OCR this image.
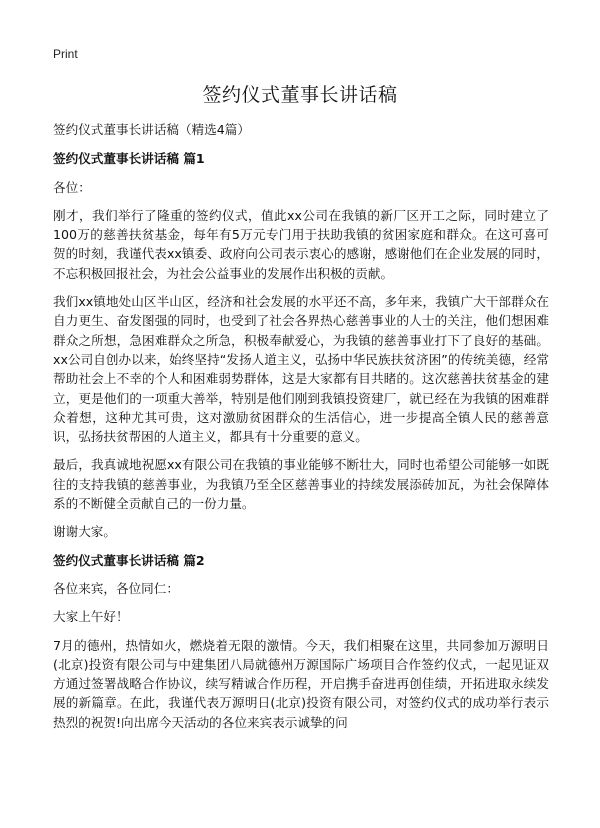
Print
签约仪式董事长讲话稿

签约仪式董事长讲话稿（精选4篇）

签约仪式董事长讲话稿 篇1

各位：

刚才，我们举行了隆重的签约仪式，值此xx公司在我镇的新厂区开工之际，同时建立了100万的慈善扶贫基金，每年有5万元专门用于扶助我镇的贫困家庭和群众。在这可喜可贺的时刻，我谨代表xx镇委、政府向公司表示衷心的感谢，感谢他们在企业发展的同时，不忘积极回报社会，为社会公益事业的发展作出积极的贡献。

我们xx镇地处山区半山区，经济和社会发展的水平还不高，多年来，我镇广大干部群众在自力更生、奋发图强的同时，也受到了社会各界热心慈善事业的人士的关注，他们想困难群众之所想，急困难群众之所急，积极奉献爱心，为我镇的慈善事业打下了良好的基础。xx公司自创办以来，始终坚持“发扬人道主义，弘扬中华民族扶贫济困”的传统美德，经常帮助社会上不幸的个人和困难弱势群体，这是大家都有目共睹的。这次慈善扶贫基金的建立，更是他们的一项重大善举，特别是他们刚到我镇投资建厂，就已经在为我镇的困难群众着想，这种尤其可贵，这对激励贫困群众的生活信心，进一步提高全镇人民的慈善意识，弘扬扶贫帮困的人道主义，都具有十分重要的意义。

最后，我真诚地祝愿xx有限公司在我镇的事业能够不断壮大，同时也希望公司能够一如既往的支持我镇的慈善事业，为我镇乃至全区慈善事业的持续发展添砖加瓦，为社会保障体系的不断健全贡献自己的一份力量。

谢谢大家。

签约仪式董事长讲话稿 篇2

各位来宾，各位同仁：

大家上午好！

7月的德州，热情如火，燃烧着无限的激情。今天，我们相聚在这里，共同参加万源明日(北京)投资有限公司与中建集团八局就德州万源国际广场项目合作签约仪式，一起见证双方通过签署战略合作协议，续写精诚合作历程，开启携手奋进再创佳绩，开拓进取永续发展的新篇章。在此，我谨代表万源明日(北京)投资有限公司，对签约仪式的成功举行表示热烈的祝贺!向出席今天活动的各位来宾表示诚挚的问
